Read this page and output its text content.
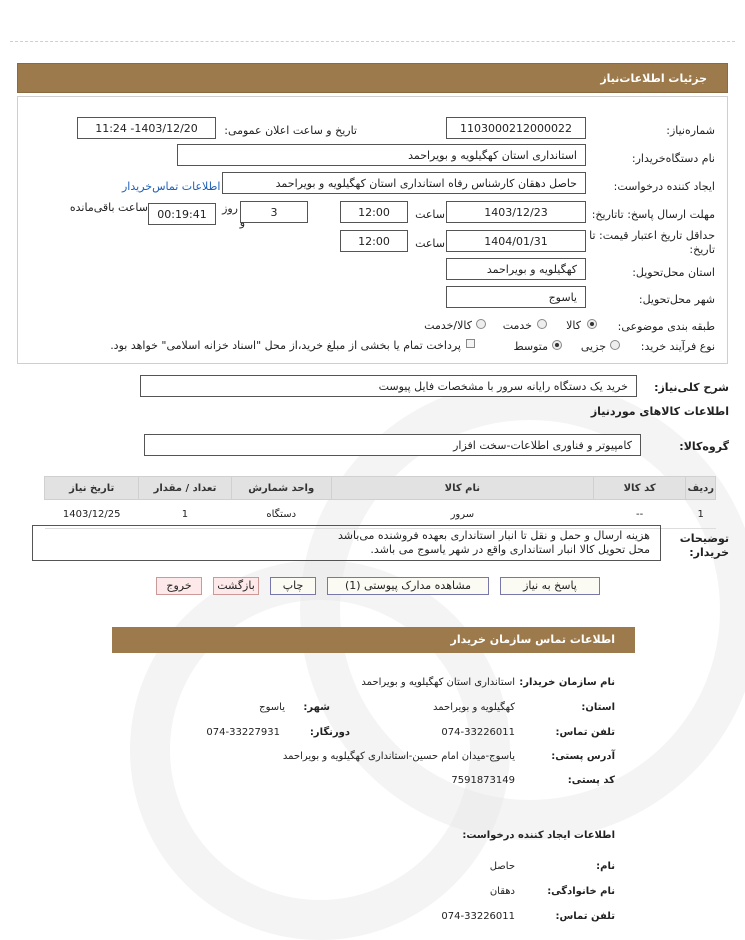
جزئیات اطلاعات‌نیاز
شماره‌نیاز:
1103000212000022
تاریخ و ساعت اعلان عمومی:
1403/12/20- 11:24
نام دستگاه‌خریدار:
استانداری استان کهگیلویه و بویراحمد
ایجاد کننده درخواست:
حاصل دهقان کارشناس رفاه استانداری استان کهگیلویه و بویراحمد
اطلاعات تماس‌خریدار
مهلت ارسال پاسخ: تاتاریخ:
1403/12/23
ساعت
12:00
3
روز
و
00:19:41
ساعت باقی‌مانده
حداقل تاریخ اعتبار قیمت: تا تاریخ:
1404/01/31
ساعت
12:00
استان محل‌تحویل:
کهگیلویه و بویراحمد
شهر محل‌تحویل:
یاسوج
طبقه بندی موضوعی:
کالا
خدمت
کالا/خدمت
نوع فرآیند خرید:
جزیی
متوسط
پرداخت تمام یا بخشی از مبلغ خرید،از محل "اسناد خزانه اسلامی" خواهد بود.
شرح کلی‌نیاز:
خرید یک دستگاه رایانه سرور با مشخصات فایل پیوست
اطلاعات کالاهای موردنیاز
گروه‌کالا:
کامپیوتر و فناوری اطلاعات-سخت افزار
ردیف	کد کالا	نام کالا	واحد شمارش	تعداد / مقدار	تاریخ نیاز
1	--	سرور	دستگاه	1	1403/12/25
توضیحات خریدار:
هزینه ارسال و حمل و نقل تا انبار استانداری بعهده فروشنده می‌باشد
محل تحویل کالا انبار استانداری واقع در شهر یاسوج می باشد.
پاسخ به نیاز
مشاهده مدارک پیوستی (1)
چاپ
بازگشت
خروج
اطلاعات تماس سازمان خریدار
نام سازمان خریدار:
استانداری استان کهگیلویه و بویراحمد
استان:
کهگیلویه و بویراحمد
شهر:
یاسوج
تلفن تماس:
074-33226011
دورنگار:
074-33227931
آدرس پستی:
یاسوج-میدان امام حسین-استانداری کهگیلویه و بویراحمد
کد پستی:
7591873149
اطلاعات ایجاد کننده درخواست:
نام:
حاصل
نام خانوادگی:
دهقان
تلفن تماس:
074-33226011
